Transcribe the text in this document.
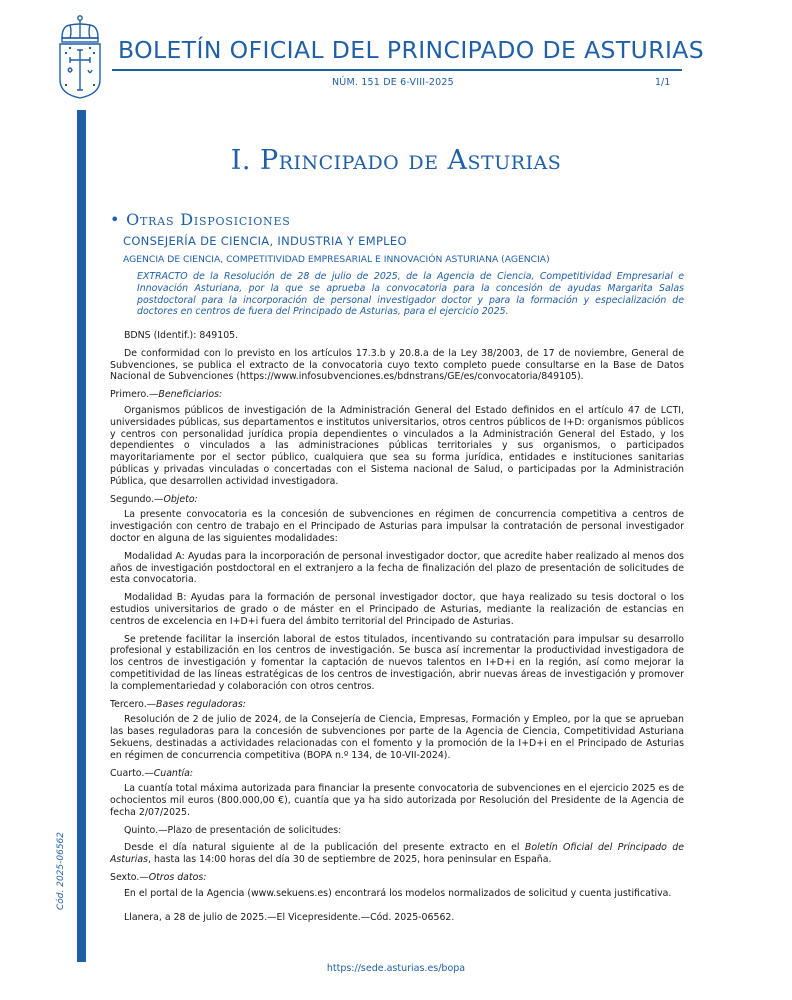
BOLETÍN OFICIAL DEL PRINCIPADO DE ASTURIAS
NÚM. 151 DE 6-VIII-2025	1/1
Cód. 2025-06562
I. Principado de Asturias
• Otras Disposiciones
CONSEJERÍA DE CIENCIA, INDUSTRIA Y EMPLEO
AGENCIA DE CIENCIA, COMPETITIVIDAD EMPRESARIAL E INNOVACIÓN ASTURIANA (AGENCIA)
EXTRACTO de la Resolución de 28 de julio de 2025, de la Agencia de Ciencia, Competitividad Empresarial e Innovación Asturiana, por la que se aprueba la convocatoria para la concesión de ayudas Margarita Salas postdoctoral para la incorporación de personal investigador doctor y para la formación y especialización de doctores en centros de fuera del Principado de Asturias, para el ejercicio 2025.

BDNS (Identif.): 849105.

De conformidad con lo previsto en los artículos 17.3.b y 20.8.a de la Ley 38/2003, de 17 de noviembre, General de Subvenciones, se publica el extracto de la convocatoria cuyo texto completo puede consultarse en la Base de Datos Nacional de Subvenciones (https://www.infosubvenciones.es/bdnstrans/GE/es/convocatoria/849105).

Primero.—Beneficiarios:

Organismos públicos de investigación de la Administración General del Estado definidos en el artículo 47 de LCTI, universidades públicas, sus departamentos e institutos universitarios, otros centros públicos de I+D: organismos públicos y centros con personalidad jurídica propia dependientes o vinculados a la Administración General del Estado, y los dependientes o vinculados a las administraciones públicas territoriales y sus organismos, o participados mayoritariamente por el sector público, cualquiera que sea su forma jurídica, entidades e instituciones sanitarias públicas y privadas vinculadas o concertadas con el Sistema nacional de Salud, o participadas por la Administración Pública, que desarrollen actividad investigadora.

Segundo.—Objeto:

La presente convocatoria es la concesión de subvenciones en régimen de concurrencia competitiva a centros de investigación con centro de trabajo en el Principado de Asturias para impulsar la contratación de personal investigador doctor en alguna de las siguientes modalidades:

Modalidad A: Ayudas para la incorporación de personal investigador doctor, que acredite haber realizado al menos dos años de investigación postdoctoral en el extranjero a la fecha de finalización del plazo de presentación de solicitudes de esta convocatoria.

Modalidad B: Ayudas para la formación de personal investigador doctor, que haya realizado su tesis doctoral o los estudios universitarios de grado o de máster en el Principado de Asturias, mediante la realización de estancias en centros de excelencia en I+D+i fuera del ámbito territorial del Principado de Asturias.

Se pretende facilitar la inserción laboral de estos titulados, incentivando su contratación para impulsar su desarrollo profesional y estabilización en los centros de investigación. Se busca así incrementar la productividad investigadora de los centros de investigación y fomentar la captación de nuevos talentos en I+D+i en la región, así como mejorar la competitividad de las líneas estratégicas de los centros de investigación, abrir nuevas áreas de investigación y promover la complementariedad y colaboración con otros centros.

Tercero.—Bases reguladoras:

Resolución de 2 de julio de 2024, de la Consejería de Ciencia, Empresas, Formación y Empleo, por la que se aprueban las bases reguladoras para la concesión de subvenciones por parte de la Agencia de Ciencia, Competitividad Asturiana Sekuens, destinadas a actividades relacionadas con el fomento y la promoción de la I+D+i en el Principado de Asturias en régimen de concurrencia competitiva (BOPA n.º 134, de 10-VII-2024).

Cuarto.—Cuantía:

La cuantía total máxima autorizada para financiar la presente convocatoria de subvenciones en el ejercicio 2025 es de ochocientos mil euros (800.000,00 €), cuantía que ya ha sido autorizada por Resolución del Presidente de la Agencia de fecha 2/07/2025.

Quinto.—Plazo de presentación de solicitudes:

Desde el día natural siguiente al de la publicación del presente extracto en el Boletín Oficial del Principado de Asturias, hasta las 14:00 horas del día 30 de septiembre de 2025, hora peninsular en España.

Sexto.—Otros datos:

En el portal de la Agencia (www.sekuens.es) encontrará los modelos normalizados de solicitud y cuenta justificativa.

Llanera, a 28 de julio de 2025.—El Vicepresidente.—Cód. 2025-06562.

https://sede.asturias.es/bopa
